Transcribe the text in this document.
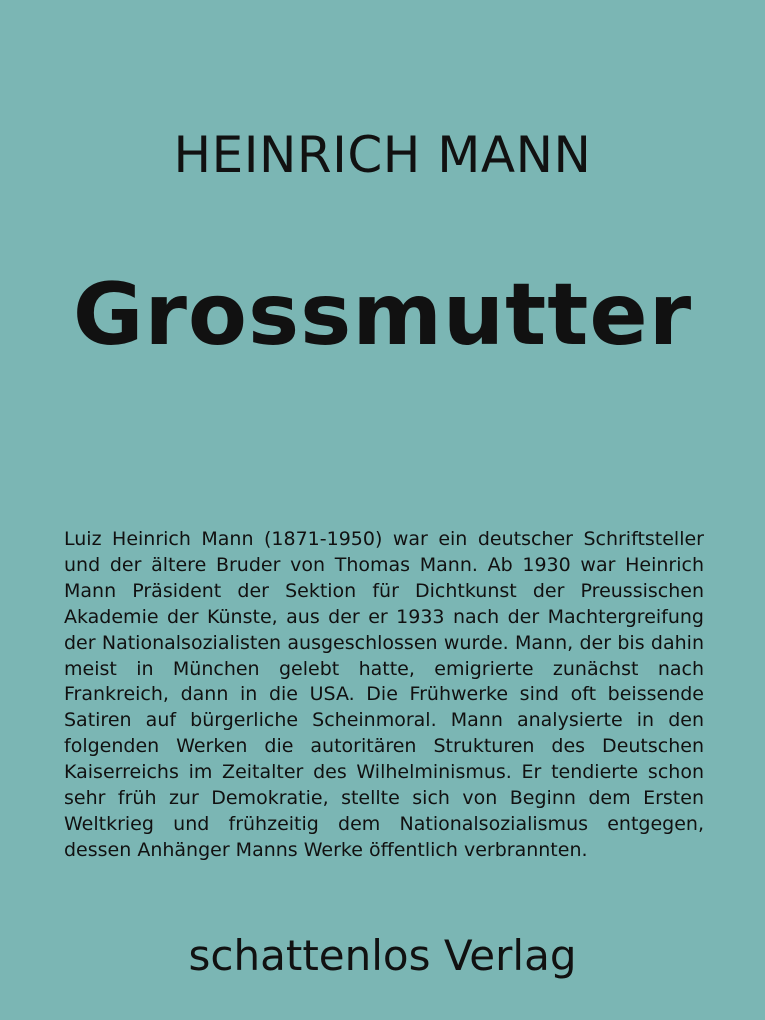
HEINRICH MANN
Grossmutter
Luiz Heinrich Mann (1871-1950) war ein deutscher Schriftsteller und der ältere Bruder von Thomas Mann. Ab 1930 war Heinrich Mann Präsident der Sektion für Dichtkunst der Preussischen Akademie der Künste, aus der er 1933 nach der Machtergreifung der Nationalsozialisten ausgeschlossen wurde. Mann, der bis dahin meist in München gelebt hatte, emigrierte zunächst nach Frankreich, dann in die USA. Die Frühwerke sind oft beissende Satiren auf bürgerliche Scheinmoral. Mann analysierte in den folgenden Werken die autoritären Strukturen des Deutschen Kaiserreichs im Zeitalter des Wilhelminismus. Er tendierte schon sehr früh zur Demokratie, stellte sich von Beginn dem Ersten Weltkrieg und frühzeitig dem Nationalsozialismus entgegen, dessen Anhänger Manns Werke öffentlich verbrannten.
schattenlos Verlag
